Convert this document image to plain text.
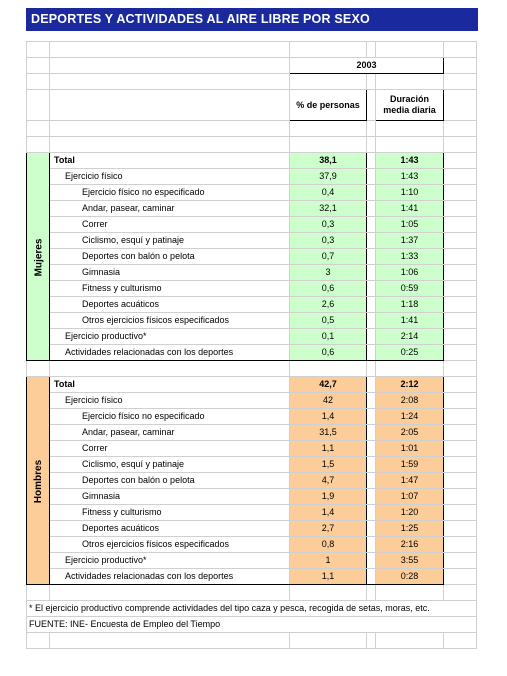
DEPORTES Y ACTIVIDADES AL AIRE LIBRE POR SEXO

		2003			

		% de personas		Duración media diaria	

Mujeres	Total	38,1		1:43	
	Ejercicio físico	37,9		1:43	
	Ejercicio físico no especificado	0,4		1:10	
	Andar, pasear, caminar	32,1		1:41	
	Correr	0,3		1:05	
	Ciclismo, esquí y patinaje	0,3		1:37	
	Deportes con balón o pelota	0,7		1:33	
	Gimnasia	3		1:06	
	Fitness y culturismo	0,6		0:59	
	Deportes acuáticos	2,6		1:18	
	Otros ejercicios físicos especificados	0,5		1:41	
	Ejercicio productivo*	0,1		2:14	
	Actividades relacionadas con los deportes	0,6		0:25	

Hombres	Total	42,7		2:12	
	Ejercicio físico	42		2:08	
	Ejercicio físico no especificado	1,4		1:24	
	Andar, pasear, caminar	31,5		2:05	
	Correr	1,1		1:01	
	Ciclismo, esquí y patinaje	1,5		1:59	
	Deportes con balón o pelota	4,7		1:47	
	Gimnasia	1,9		1:07	
	Fitness y culturismo	1,4		1:20	
	Deportes acuáticos	2,7		1:25	
	Otros ejercicios físicos especificados	0,8		2:16	
	Ejercicio productivo*	1		3:55	
	Actividades relacionadas con los deportes	1,1		0:28	

* El ejercicio productivo comprende actividades del tipo caza y pesca, recogida de setas, moras, etc.					
FUENTE: INE- Encuesta de Empleo del Tiempo					
